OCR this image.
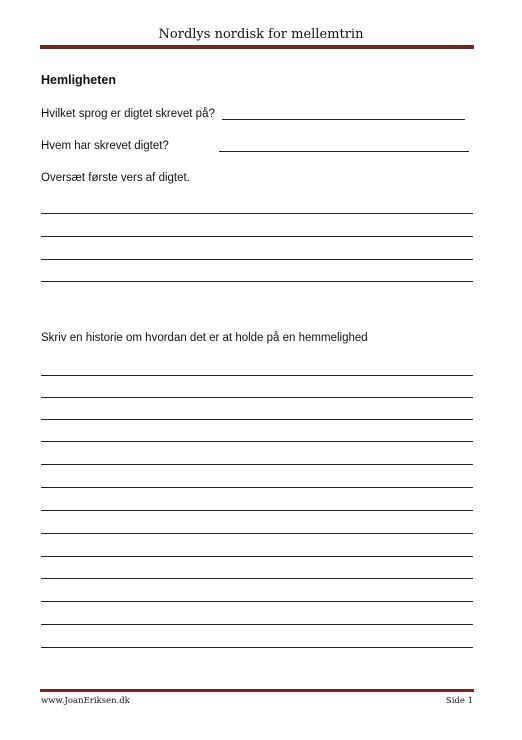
Nordlys nordisk for mellemtrin
Hemligheten
Hvilket sprog er digtet skrevet på?
Hvem har skrevet digtet?
Oversæt første vers af digtet.
Skriv en historie om hvordan det er at holde på en hemmelighed
www.JoanEriksen.dk	Side 1
